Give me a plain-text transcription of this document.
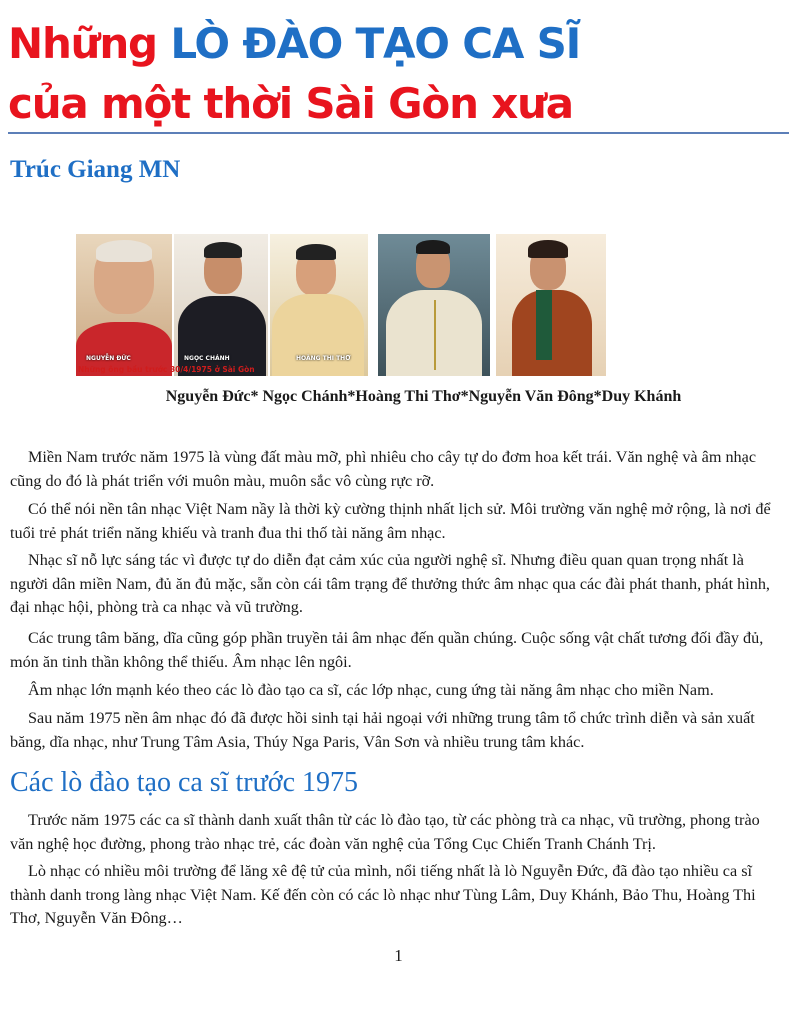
Những LÒ ĐÀO TẠO CA SĨ
của một thời Sài Gòn xưa
Trúc Giang MN
NGUYỄN ĐỨC	NGỌC CHÁNH	HOÀNG THI THƠ
Những ông bầu trước 30/4/1975 ở Sài Gòn
Nguyễn Đức* Ngọc Chánh*Hoàng Thi Thơ*Nguyễn Văn Đông*Duy Khánh

Miền Nam trước năm 1975 là vùng đất màu mỡ, phì nhiêu cho cây tự do đơm hoa kết trái. Văn nghệ và âm nhạc cũng do đó là phát triển với muôn màu, muôn sắc vô cùng rực rỡ.

Có thể nói nền tân nhạc Việt Nam nầy là thời kỳ cường thịnh nhất lịch sử. Môi trường văn nghệ mở rộng, là nơi để tuổi trẻ phát triển năng khiếu và tranh đua thi thố tài năng âm nhạc.

Nhạc sĩ nỗ lực sáng tác vì được tự do diễn đạt cảm xúc của người nghệ sĩ. Nhưng điều quan quan trọng nhất là người dân miền Nam, đủ ăn đủ mặc, sẵn còn cái tâm trạng để thưởng thức âm nhạc qua các đài phát thanh, phát hình, đại nhạc hội, phòng trà ca nhạc và vũ trường.

Các trung tâm băng, dĩa cũng góp phần truyền tải âm nhạc đến quần chúng. Cuộc sống vật chất tương đối đầy đủ, món ăn tinh thần không thể thiếu. Âm nhạc lên ngôi.

Âm nhạc lớn mạnh kéo theo các lò đào tạo ca sĩ, các lớp nhạc, cung ứng tài năng âm nhạc cho miền Nam.

Sau năm 1975 nền âm nhạc đó đã được hồi sinh tại hải ngoại với những trung tâm tổ chức trình diễn và sản xuất băng, dĩa nhạc, như Trung Tâm Asia, Thúy Nga Paris, Vân Sơn và nhiều trung tâm khác.

Các lò đào tạo ca sĩ trước 1975

Trước năm 1975 các ca sĩ thành danh xuất thân từ các lò đào tạo, từ các phòng trà ca nhạc, vũ trường, phong trào văn nghệ học đường, phong trào nhạc trẻ, các đoàn văn nghệ của Tổng Cục Chiến Tranh Chánh Trị.

Lò nhạc có nhiều môi trường để lăng xê đệ tử của mình, nổi tiếng nhất là lò Nguyễn Đức, đã đào tạo nhiều ca sĩ thành danh trong làng nhạc Việt Nam. Kế đến còn có các lò nhạc như Tùng Lâm, Duy Khánh, Bảo Thu, Hoàng Thi Thơ, Nguyễn Văn Đông…

1
